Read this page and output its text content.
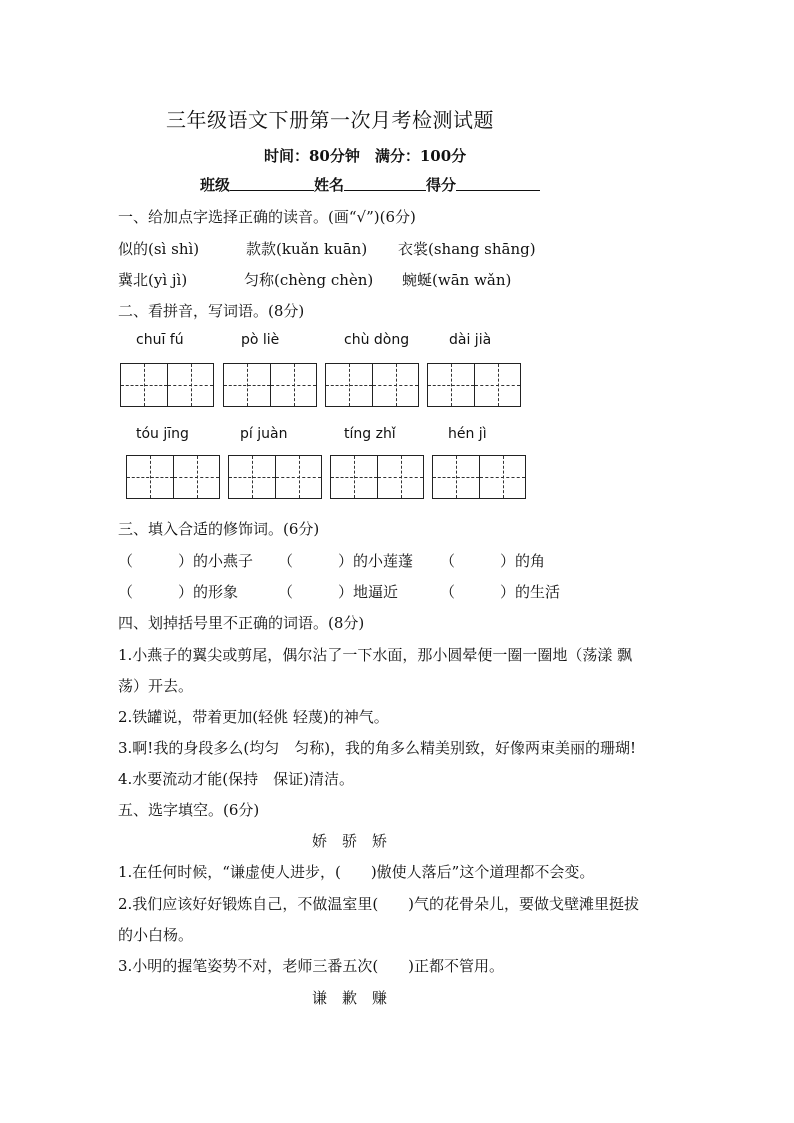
三年级语文下册第一次月考检测试题
时间：80分钟　满分：100分
班级	姓名	得分
一、给加点字选择正确的读音。(画“√”)(6分)
似的(sì shì)	款款(kuǎn kuān) 衣裳(shang shāng)
冀北(yì jì)	匀称(chèng chèn) 蜿蜒(wān wǎn)
二、看拼音，写词语。(8分)
chuī fú	pò liè	chù dòng	dài jià
tóu jīng	pí juàn	tíng zhǐ	hén jì
三、填入合适的修饰词。(6分)
（　　　）的小燕子 （　　　）的小莲蓬 （　　　）的角
（　　　）的形象	（　　　）地逼近	（　　　）的生活
四、划掉括号里不正确的词语。(8分)
1.小燕子的翼尖或剪尾，偶尔沾了一下水面，那小圆晕便一圈一圈地（荡漾 飘
荡）开去。
2.铁罐说，带着更加(轻佻 轻蔑)的神气。
3.啊!我的身段多么(均匀　匀称)，我的角多么精美别致，好像两束美丽的珊瑚!
4.水要流动才能(保持　保证)清洁。
五、选字填空。(6分)
娇　骄　矫
1.在任何时候，“谦虚使人进步，(　　)傲使人落后”这个道理都不会变。
2.我们应该好好锻炼自己，不做温室里(　　)气的花骨朵儿，要做戈壁滩里挺拔
的小白杨。
3.小明的握笔姿势不对，老师三番五次(　　)正都不管用。
谦　歉　赚
